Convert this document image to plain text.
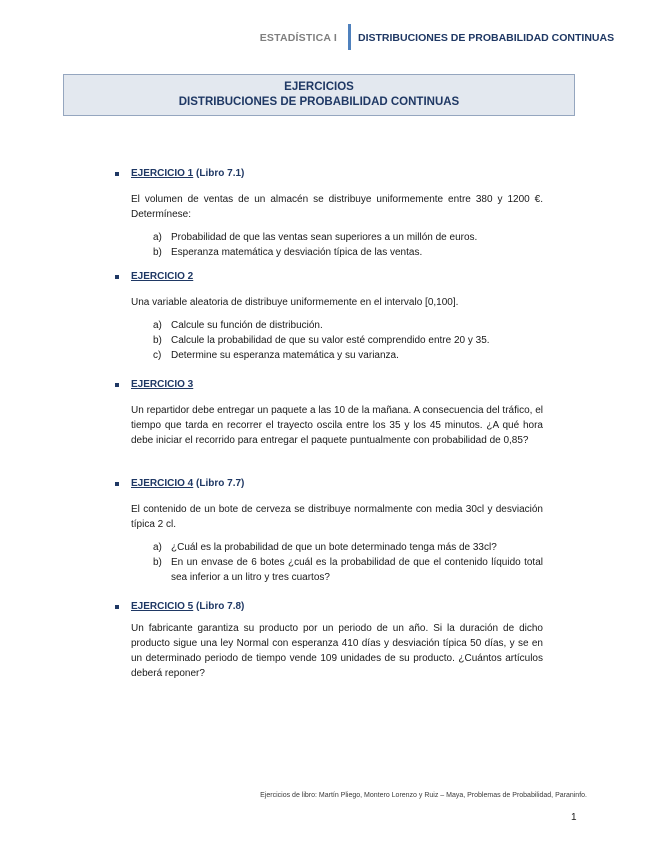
ESTADÍSTICA I DISTRIBUCIONES DE PROBABILIDAD CONTINUAS
EJERCICIOS
DISTRIBUCIONES DE PROBABILIDAD CONTINUAS
EJERCICIO 1 (Libro 7.1)
El volumen de ventas de un almacén se distribuye uniformemente entre 380 y 1200 €. Determínese:
a) Probabilidad de que las ventas sean superiores a un millón de euros.
b) Esperanza matemática y desviación típica de las ventas.
EJERCICIO 2
Una variable aleatoria de distribuye uniformemente en el intervalo [0,100].
a) Calcule su función de distribución.
b) Calcule la probabilidad de que su valor esté comprendido entre 20 y 35.
c) Determine su esperanza matemática y su varianza.
EJERCICIO 3
Un repartidor debe entregar un paquete a las 10 de la mañana. A consecuencia del tráfico, el tiempo que tarda en recorrer el trayecto oscila entre los 35 y los 45 minutos. ¿A qué hora debe iniciar el recorrido para entregar el paquete puntualmente con probabilidad de 0,85?
EJERCICIO 4 (Libro 7.7)
El contenido de un bote de cerveza se distribuye normalmente con media 30cl y desviación típica 2 cl.
a) ¿Cuál es la probabilidad de que un bote determinado tenga más de 33cl?
b) En un envase de 6 botes ¿cuál es la probabilidad de que el contenido líquido total sea inferior a un litro y tres cuartos?
EJERCICIO 5 (Libro 7.8)
Un fabricante garantiza su producto por un periodo de un año. Si la duración de dicho producto sigue una ley Normal con esperanza 410 días y desviación típica 50 días, y se en un determinado periodo de tiempo vende 109 unidades de su producto. ¿Cuántos artículos deberá reponer?
Ejercicios de libro: Martín Pliego, Montero Lorenzo y Ruiz – Maya, Problemas de Probabilidad, Paraninfo.
1
